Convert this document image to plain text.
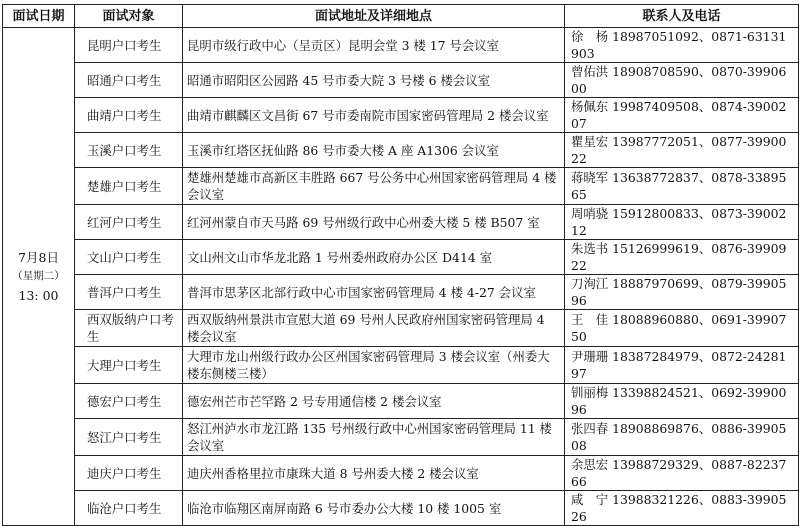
面试日期	面试对象	面试地址及详细地点	联系人及电话

7月8日
（星期二）
13: 00	昆明户口考生	昆明市级行政中心（呈贡区）昆明会堂 3 楼 17 号会议室	徐　杨 18987051092、0871-63131903
	昭通户口考生	昭通市昭阳区公园路 45 号市委大院 3 号楼 6 楼会议室	曾佑洪 18908708590、0870-3990600
	曲靖户口考生	曲靖市麒麟区文昌街 67 号市委南院市国家密码管理局 2 楼会议室	杨佩东 19987409508、0874-3900207
	玉溪户口考生	玉溪市红塔区抚仙路 86 号市委大楼 A 座 A1306 会议室	瞿星宏 13987772051、0877-3990022
	楚雄户口考生	楚雄州楚雄市高新区丰胜路 667 号公务中心州国家密码管理局 4 楼会议室	蒋晓军 13638772837、0878-3389565
	红河户口考生	红河州蒙自市天马路 69 号州级行政中心州委大楼 5 楼 B507 室	周哨骁 15912800833、0873-3900212
	文山户口考生	文山州文山市华龙北路 1 号州委州政府办公区 D414 室	朱选书 15126999619、0876-3990922
	普洱户口考生	普洱市思茅区北部行政中心市国家密码管理局 4 楼 4-27 会议室	刀洵江 18887970699、0879-3990596
	西双版纳户口考生	西双版纳州景洪市宣慰大道 69 号州人民政府州国家密码管理局 4 楼会议室	王　佳 18088960880、0691-3990750
	大理户口考生	大理市龙山州级行政办公区州国家密码管理局 3 楼会议室（州委大楼东侧楼三楼）	尹珊珊 18387284979、0872-2428197
	德宏户口考生	德宏州芒市芒罕路 2 号专用通信楼 2 楼会议室	钏丽梅 13398824521、0692-3990096
	怒江户口考生	怒江州泸水市龙江路 135 号州级行政中心州国家密码管理局 11 楼会议室	张四春 18908869876、0886-3990508
	迪庆户口考生	迪庆州香格里拉市康珠大道 8 号州委大楼 2 楼会议室	余思宏 13988729329、0887-8223766
	临沧户口考生	临沧市临翔区南屏南路 6 号市委办公大楼 10 楼 1005 室	咸　宁 13988321226、0883-3990526
